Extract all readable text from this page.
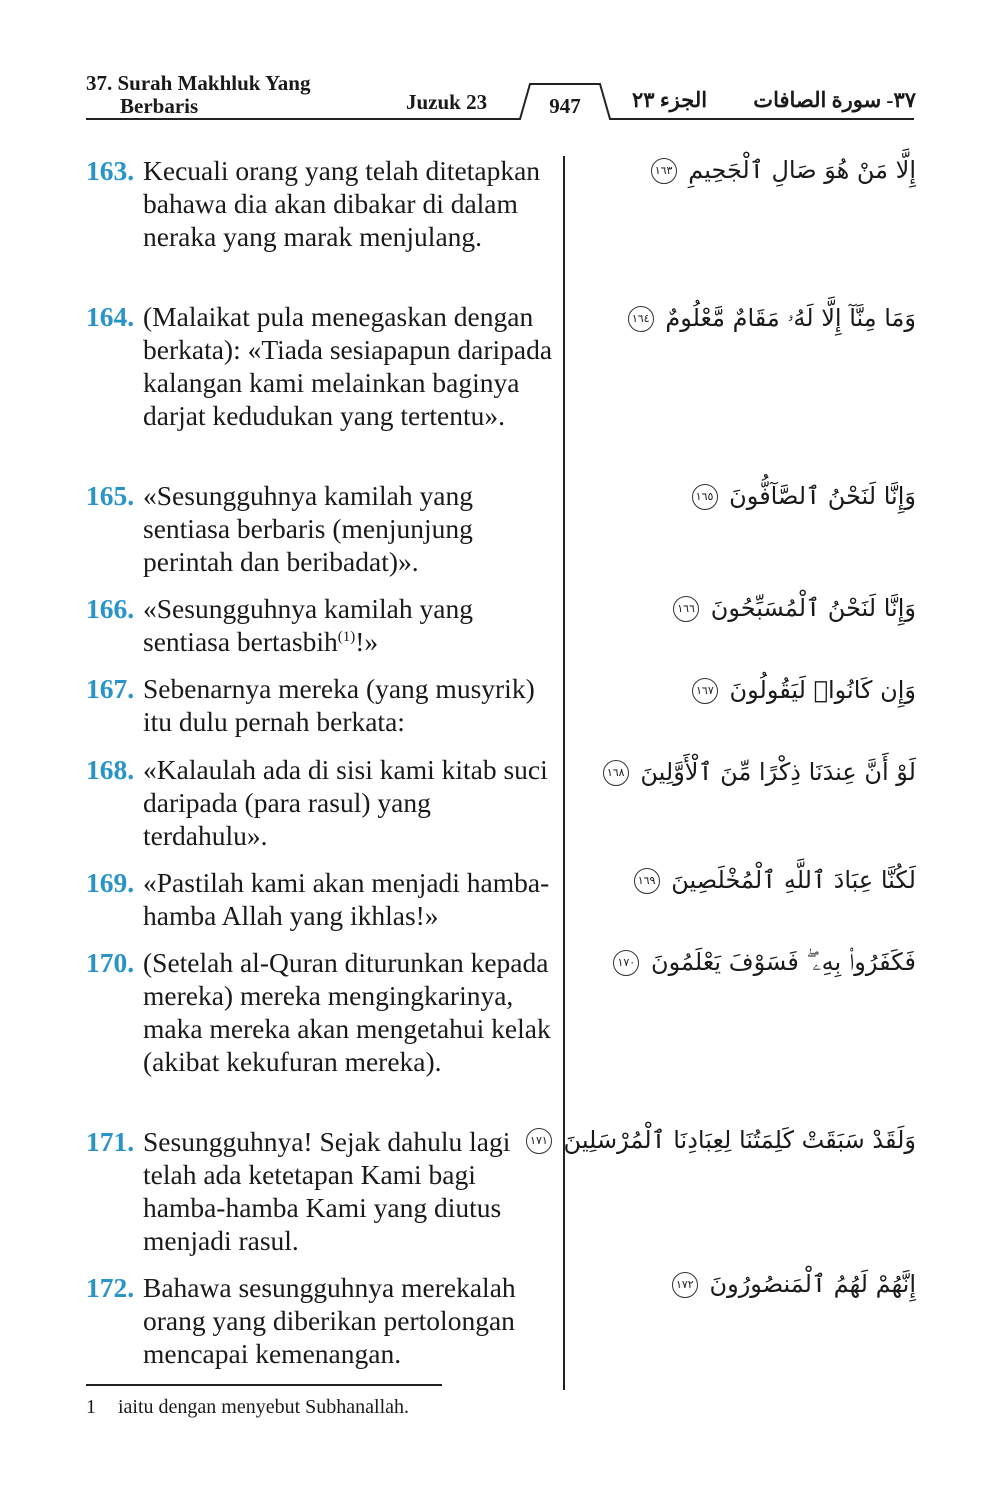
37. Surah Makhluk Yang
Berbaris	Juzuk 23	947	الجزء ٢٣ ٣٧- سورة الصافات
163. Kecuali orang yang telah ditetapkan bahawa dia akan dibakar di dalam neraka yang marak menjulang.
إِلَّا مَنْ هُوَ صَالِ ٱلْجَحِيمِ ١٦٣
164. (Malaikat pula menegaskan dengan berkata): «Tiada sesiapapun daripada kalangan kami melainkan baginya darjat kedudukan yang tertentu».
وَمَا مِنَّآ إِلَّا لَهُۥ مَقَامٌ مَّعْلُومٌ ١٦٤
165. «Sesungguhnya kamilah yang sentiasa berbaris (menjunjung perintah dan beribadat)».
وَإِنَّا لَنَحْنُ ٱلصَّآفُّونَ ١٦٥
166. «Sesungguhnya kamilah yang sentiasa bertasbih$^{(1)}$!»
وَإِنَّا لَنَحْنُ ٱلْمُسَبِّحُونَ ١٦٦
167. Sebenarnya mereka (yang musyrik) itu dulu pernah berkata:
وَإِن كَانُوا۟ لَيَقُولُونَ ١٦٧
168. «Kalaulah ada di sisi kami kitab suci daripada (para rasul) yang terdahulu».
لَوْ أَنَّ عِندَنَا ذِكْرًا مِّنَ ٱلْأَوَّلِينَ ١٦٨
169. «Pastilah kami akan menjadi hamba-hamba Allah yang ikhlas!»
لَكُنَّا عِبَادَ ٱللَّهِ ٱلْمُخْلَصِينَ ١٦٩
170. (Setelah al-Quran diturunkan kepada mereka) mereka mengingkarinya, maka mereka akan mengetahui kelak (akibat kekufuran mereka).
فَكَفَرُوا۟ بِهِۦ ۖ فَسَوْفَ يَعْلَمُونَ ١٧٠
171. Sesungguhnya! Sejak dahulu lagi telah ada ketetapan Kami bagi hamba-hamba Kami yang diutus menjadi rasul.
وَلَقَدْ سَبَقَتْ كَلِمَتُنَا لِعِبَادِنَا ٱلْمُرْسَلِينَ ١٧١
172. Bahawa sesungguhnya merekalah orang yang diberikan pertolongan mencapai kemenangan.
إِنَّهُمْ لَهُمُ ٱلْمَنصُورُونَ ١٧٢
1 iaitu dengan menyebut Subhanallah.
